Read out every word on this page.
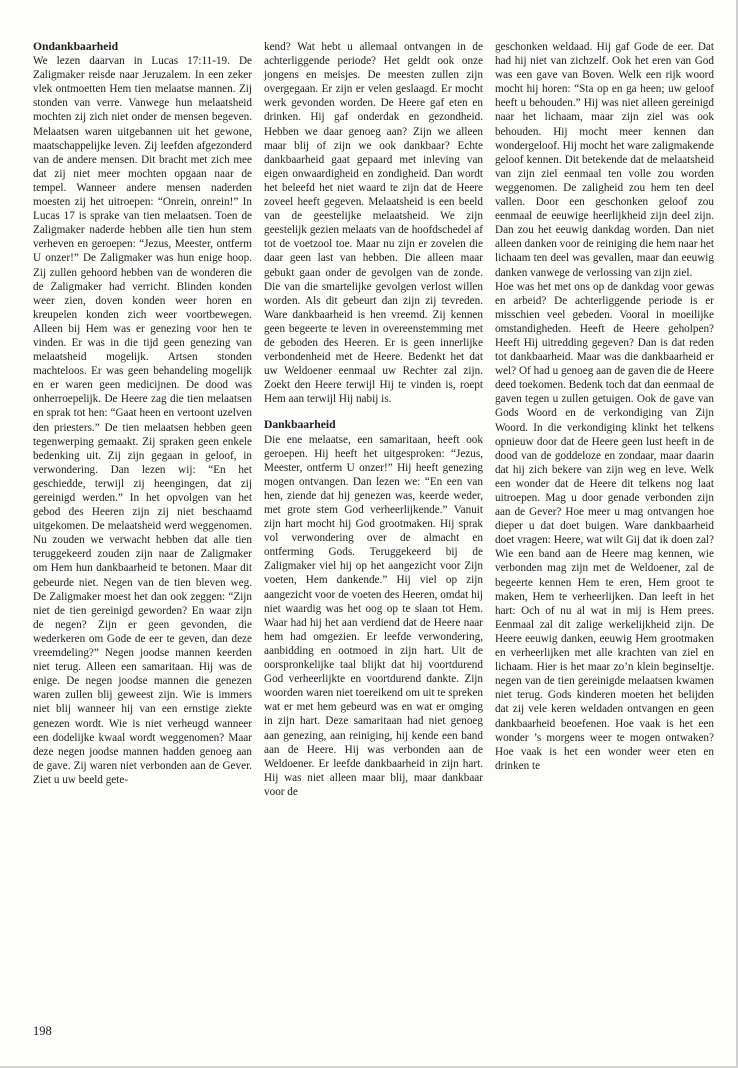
Ondankbaarheid

We lezen daarvan in Lucas 17:11-19. De Zaligmaker reisde naar Jeruzalem. In een zeker vlek ontmoetten Hem tien melaatse mannen. Zij stonden van verre. Vanwege hun melaatsheid mochten zij zich niet onder de mensen begeven. Melaatsen waren uitgebannen uit het gewone, maatschappelijke leven. Zij leefden afgezonderd van de andere mensen. Dit bracht met zich mee dat zij niet meer mochten opgaan naar de tempel. Wanneer andere mensen naderden moesten zij het uitroepen: “Onrein, onrein!” In Lucas 17 is sprake van tien melaatsen. Toen de Zaligmaker naderde hebben alle tien hun stem verheven en geroepen: “Jezus, Meester, ontferm U onzer!” De Zaligmaker was hun enige hoop. Zij zullen gehoord hebben van de wonderen die de Zaligmaker had verricht. Blinden konden weer zien, doven konden weer horen en kreupelen konden zich weer voortbewegen. Alleen bij Hem was er genezing voor hen te vinden. Er was in die tijd geen genezing van melaatsheid mogelijk. Artsen stonden machteloos. Er was geen behandeling mogelijk en er waren geen medicijnen. De dood was onherroepelijk. De Heere zag die tien melaatsen en sprak tot hen: “Gaat heen en vertoont uzelven den priesters.” De tien melaatsen hebben geen tegenwerping gemaakt. Zij spraken geen enkele bedenking uit. Zij zijn gegaan in geloof, in verwondering. Dan lezen wij: “En het geschiedde, terwijl zij heengingen, dat zij gereinigd werden.” In het opvolgen van het gebod des Heeren zijn zij niet beschaamd uitgekomen. De melaatsheid werd weggenomen. Nu zouden we verwacht hebben dat alle tien teruggekeerd zouden zijn naar de Zaligmaker om Hem hun dankbaarheid te betonen. Maar dit gebeurde niet. Negen van de tien bleven weg. De Zaligmaker moest het dan ook zeggen: “Zijn niet de tien gereinigd geworden? En waar zijn de negen? Zijn er geen gevonden, die wederkeren om Gode de eer te geven, dan deze vreemdeling?” Negen joodse mannen keerden niet terug. Alleen een samaritaan. Hij was de enige. De negen joodse mannen die genezen waren zullen blij geweest zijn. Wie is immers niet blij wanneer hij van een ernstige ziekte genezen wordt. Wie is niet verheugd wanneer een dodelijke kwaal wordt weggenomen? Maar deze negen joodse mannen hadden genoeg aan de gave. Zij waren niet verbonden aan de Gever. Ziet u uw beeld gete-

kend? Wat hebt u allemaal ontvangen in de achterliggende periode? Het geldt ook onze jongens en meisjes. De meesten zullen zijn overgegaan. Er zijn er velen geslaagd. Er mocht werk gevonden worden. De Heere gaf eten en drinken. Hij gaf onderdak en gezondheid. Hebben we daar genoeg aan? Zijn we alleen maar blij of zijn we ook dankbaar? Echte dankbaarheid gaat gepaard met inleving van eigen onwaardigheid en zondigheid. Dan wordt het beleefd het niet waard te zijn dat de Heere zoveel heeft gegeven. Melaatsheid is een beeld van de geestelijke melaatsheid. We zijn geestelijk gezien melaats van de hoofdschedel af tot de voetzool toe. Maar nu zijn er zovelen die daar geen last van hebben. Die alleen maar gebukt gaan onder de gevolgen van de zonde. Die van die smartelijke gevolgen verlost willen worden. Als dit gebeurt dan zijn zij tevreden. Ware dankbaarheid is hen vreemd. Zij kennen geen begeerte te leven in overeenstemming met de geboden des Heeren. Er is geen innerlijke verbondenheid met de Heere. Bedenkt het dat uw Weldoener eenmaal uw Rechter zal zijn. Zoekt den Heere terwijl Hij te vinden is, roept Hem aan terwijl Hij nabij is.

Dankbaarheid

Die ene melaatse, een samaritaan, heeft ook geroepen. Hij heeft het uitgesproken: “Jezus, Meester, ontferm U onzer!” Hij heeft genezing mogen ontvangen. Dan lezen we: “En een van hen, ziende dat hij genezen was, keerde weder, met grote stem God verheerlijkende.” Vanuit zijn hart mocht hij God grootmaken. Hij sprak vol verwondering over de almacht en ontferming Gods. Teruggekeerd bij de Zaligmaker viel hij op het aangezicht voor Zijn voeten, Hem dankende.” Hij viel op zijn aangezicht voor de voeten des Heeren, omdat hij niet waardig was het oog op te slaan tot Hem. Waar had hij het aan verdiend dat de Heere naar hem had omgezien. Er leefde verwondering, aanbidding en ootmoed in zijn hart. Uit de oorspronkelijke taal blijkt dat hij voortdurend God verheerlijkte en voortdurend dankte. Zijn woorden waren niet toereikend om uit te spreken wat er met hem gebeurd was en wat er omging in zijn hart. Deze samaritaan had niet genoeg aan genezing, aan reiniging, hij kende een band aan de Heere. Hij was verbonden aan de Weldoener. Er leefde dankbaarheid in zijn hart. Hij was niet alleen maar blij, maar dankbaar voor de

geschonken weldaad. Hij gaf Gode de eer. Dat had hij niet van zichzelf. Ook het eren van God was een gave van Boven. Welk een rijk woord mocht hij horen: “Sta op en ga heen; uw geloof heeft u behouden.” Hij was niet alleen gereinigd naar het lichaam, maar zijn ziel was ook behouden. Hij mocht meer kennen dan wondergeloof. Hij mocht het ware zaligmakende geloof kennen. Dit betekende dat de melaatsheid van zijn ziel eenmaal ten volle zou worden weggenomen. De zaligheid zou hem ten deel vallen. Door een geschonken geloof zou eenmaal de eeuwige heerlijkheid zijn deel zijn. Dan zou het eeuwig dankdag worden. Dan niet alleen danken voor de reiniging die hem naar het lichaam ten deel was gevallen, maar dan eeuwig danken vanwege de verlossing van zijn ziel.

Hoe was het met ons op de dankdag voor gewas en arbeid? De achterliggende periode is er misschien veel gebeden. Vooral in moeilijke omstandigheden. Heeft de Heere geholpen? Heeft Hij uitredding gegeven? Dan is dat reden tot dankbaarheid. Maar was die dankbaarheid er wel? Of had u genoeg aan de gaven die de Heere deed toekomen. Bedenk toch dat dan eenmaal de gaven tegen u zullen getuigen. Ook de gave van Gods Woord en de verkondiging van Zijn Woord. In die verkondiging klinkt het telkens opnieuw door dat de Heere geen lust heeft in de dood van de goddeloze en zondaar, maar daarin dat hij zich bekere van zijn weg en leve. Welk een wonder dat de Heere dit telkens nog laat uitroepen. Mag u door genade verbonden zijn aan de Gever? Hoe meer u mag ontvangen hoe dieper u dat doet buigen. Ware dankbaarheid doet vragen: Heere, wat wilt Gij dat ik doen zal? Wie een band aan de Heere mag kennen, wie verbonden mag zijn met de Weldoener, zal de begeerte kennen Hem te eren, Hem groot te maken, Hem te verheerlijken. Dan leeft in het hart: Och of nu al wat in mij is Hem prees. Eenmaal zal dit zalige werkelijkheid zijn. De Heere eeuwig danken, eeuwig Hem grootmaken en verheerlijken met alle krachten van ziel en lichaam. Hier is het maar zo’n klein beginseltje. negen van de tien gereinigde melaatsen kwamen niet terug. Gods kinderen moeten het belijden dat zij vele keren weldaden ontvangen en geen dankbaarheid beoefenen. Hoe vaak is het een wonder ’s morgens weer te mogen ontwaken? Hoe vaak is het een wonder weer eten en drinken te

198
